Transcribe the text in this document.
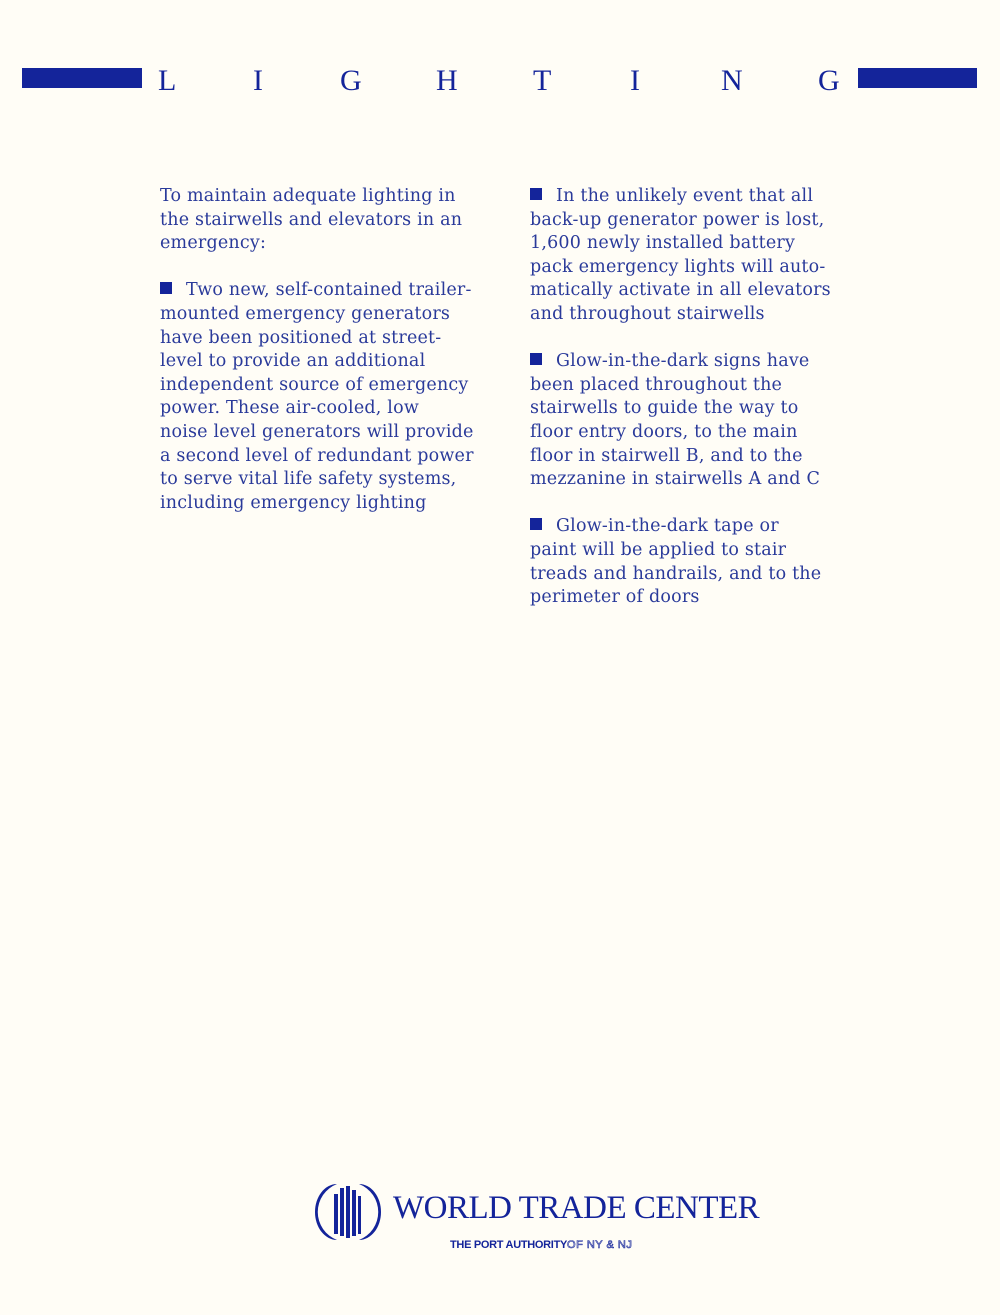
L	I	G H	T	I	N	G

To maintain adequate lighting in
the stairwells and elevators in an
emergency:

Two new, self-contained trailer-
mounted emergency generators
have been positioned at street-
level to provide an additional
independent source of emergency
power. These air-cooled, low
noise level generators will provide
a second level of redundant power
to serve vital life safety systems,
including emergency lighting

In the unlikely event that all
back-up generator power is lost,
1,600 newly installed battery
pack emergency lights will auto-
matically activate in all elevators
and throughout stairwells

Glow-in-the-dark signs have
been placed throughout the
stairwells to guide the way to
floor entry doors, to the main
floor in stairwell B, and to the
mezzanine in stairwells A and C

Glow-in-the-dark tape or
paint will be applied to stair
treads and handrails, and to the
perimeter of doors

WORLD TRADE CENTER
THE PORT AUTHORITYOF NY & NJ
